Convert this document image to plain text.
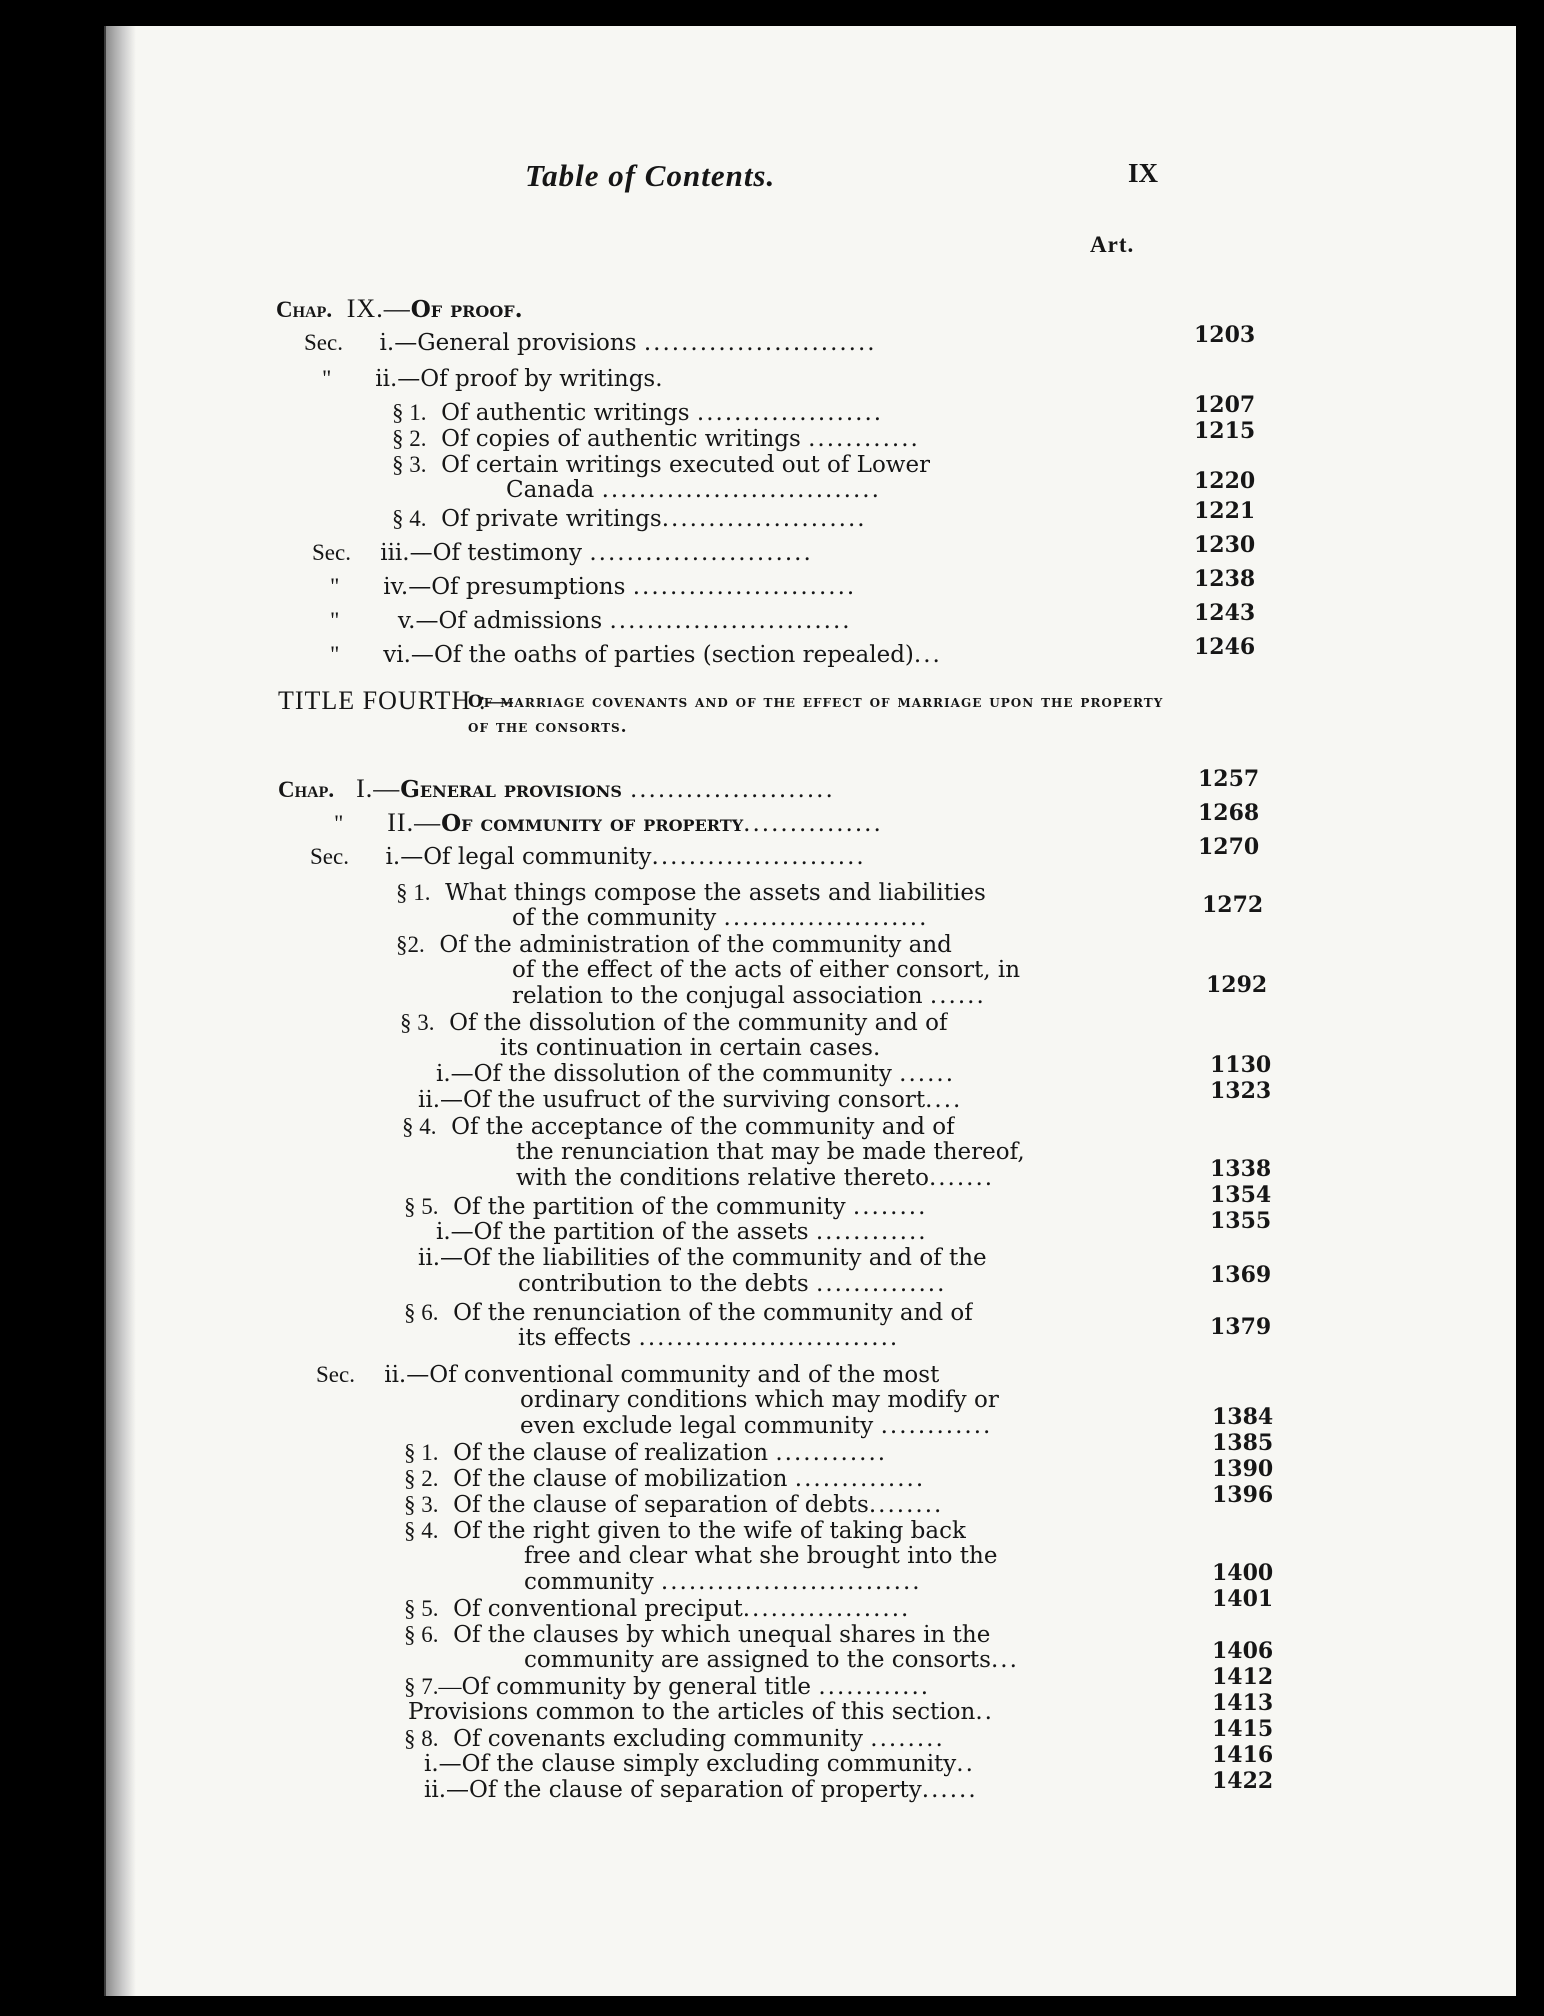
Table of Contents.	IX
Art.
Chap. IX.—Of proof.
Sec. i.—General provisions .........................	1203
" ii.—Of proof by writings.
§ 1. Of authentic writings ....................	1207
§ 2. Of copies of authentic writings ............	1215
§ 3. Of certain writings executed out of Lower
Canada ..............................	1220
§ 4. Of private writings......................	1221
Sec. iii.—Of testimony ........................	1230
" iv.—Of presumptions ........................	1238
"	v.—Of admissions ..........................	1243
" vi.—Of the oaths of parties (section repealed)...	1246
TITLE FOURTH :—
Of marriage covenants and of the effect of marriage upon the property of the consorts.
Chap. I.—General provisions ......................	1257
" II.—Of community of property...............	1268
Sec. i.—Of legal community.......................	1270
§ 1. What things compose the assets and liabilities
of the community ......................	1272
§2. Of the administration of the community and
of the effect of the acts of either consort, in
relation to the conjugal association ......	1292
§ 3. Of the dissolution of the community and of
its continuation in certain cases.
i.—Of the dissolution of the community ......	1130
ii.—Of the usufruct of the surviving consort....	1323
§ 4. Of the acceptance of the community and of
the renunciation that may be made thereof,
with the conditions relative thereto.......	1338
§ 5. Of the partition of the community ........	1354
i.—Of the partition of the assets ............	1355
ii.—Of the liabilities of the community and of the
contribution to the debts ..............	1369
§ 6. Of the renunciation of the community and of
its effects ............................	1379
Sec. ii.—Of conventional community and of the most
ordinary conditions which may modify or
even exclude legal community ............	1384
§ 1. Of the clause of realization ............	1385
§ 2. Of the clause of mobilization ..............	1390
§ 3. Of the clause of separation of debts........	1396
§ 4. Of the right given to the wife of taking back
free and clear what she brought into the
community ............................	1400
§ 5. Of conventional preciput..................	1401
§ 6. Of the clauses by which unequal shares in the
community are assigned to the consorts...	1406
§ 7.—Of community by general title ............	1412
Provisions common to the articles of this section..	1413
§ 8. Of covenants excluding community ........	1415
i.—Of the clause simply excluding community..	1416
ii.—Of the clause of separation of property......	1422
